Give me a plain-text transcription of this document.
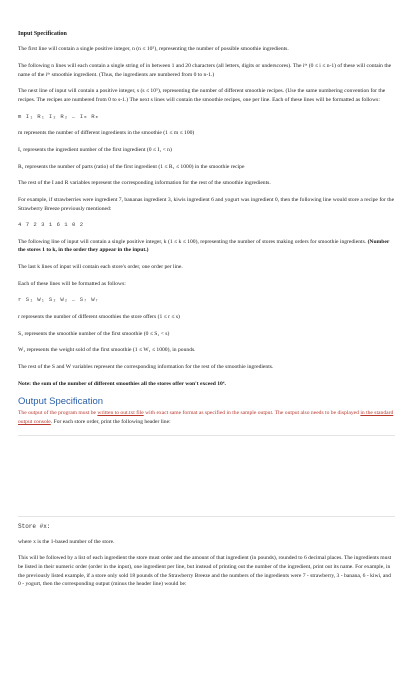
Input Specification

The first line will contain a single positive integer, n (n ≤ 10⁵), representing the number of possible smoothie ingredients.

The following n lines will each contain a single string of in between 1 and 20 characters (all letters, digits or underscores). The iᵗʰ (0 ≤ i ≤ n-1) of these will contain the name of the iᵗʰ smoothie ingredient. (Thus, the ingredients are numbered from 0 to n-1.)

The next line of input will contain a positive integer, s (s ≤ 10⁵), representing the number of different smoothie recipes. (Use the same numbering convention for the recipes. The recipes are numbered from 0 to s-1.) The next s lines will contain the smoothie recipes, one per line. Each of these lines will be formatted as follows:

m I₁ R₁ I₂ R₂ … Iₘ Rₘ

m represents the number of different ingredients in the smoothie (1 ≤ m ≤ 100)

I₁ represents the ingredient number of the first ingredient (0 ≤ I₁ < n)

R₁ represents the number of parts (ratio) of the first ingredient (1 ≤ R₁ ≤ 1000) in the smoothie recipe

The rest of the I and R variables represent the corresponding information for the rest of the smoothie ingredients.

For example, if strawberries were ingredient 7, bananas ingredient 3, kiwis ingredient 6 and yogurt was ingredient 0, then the following line would store a recipe for the Strawberry Breeze previously mentioned:

4 7 2 3 1 6 1 0 2

The following line of input will contain a single positive integer, k (1 ≤ k ≤ 100), representing the number of stores making orders for smoothie ingredients. (Number the stores 1 to k, in the order they appear in the input.)

The last k lines of input will contain each store's order, one order per line.

Each of these lines will be formatted as follows:

r S₁ W₁ S₂ W₂ … Sᵣ Wᵣ

r represents the number of different smoothies the store offers (1 ≤ r ≤ s)

S₁ represents the smoothie number of the first smoothie (0 ≤ S₁ < s)

W₁ represents the weight sold of the first smoothie (1 ≤ W₁ ≤ 1000), in pounds.

The rest of the S and W variables represent the corresponding information for the rest of the smoothie ingredients.

Note: the sum of the number of different smoothies all the stores offer won't exceed 10⁴.

Output Specification

The output of the program must be written to out.txt file with exact same format as specified in the sample output. The output also needs to be displayed in the standard output console. For each store order, print the following header line:

Store #x:

where x is the 1-based number of the store.

This will be followed by a list of each ingredient the store must order and the amount of that ingredient (in pounds), rounded to 6 decimal places. The ingredients must be listed in their numeric order (order in the input), one ingredient per line, but instead of printing out the number of the ingredient, print out its name. For example, in the previously listed example, if a store only sold 18 pounds of the Strawberry Breeze and the numbers of the ingredients were 7 - strawberry, 3 - banana, 6 - kiwi, and 0 - yogurt, then the corresponding output (minus the header line) would be:
